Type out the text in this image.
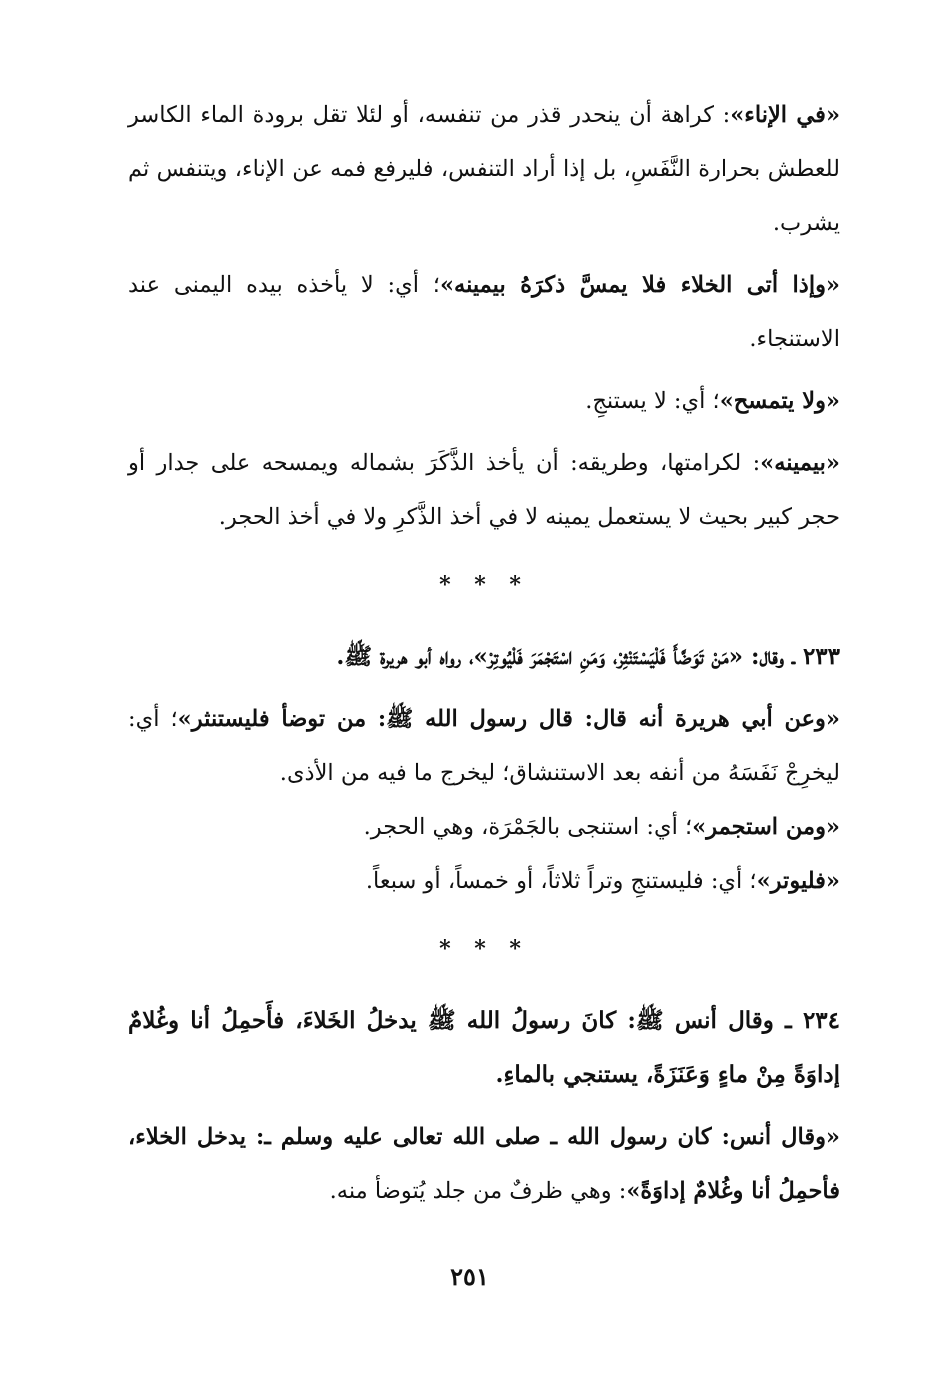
«في الإناء»: كراهة أن ينحدر قذر من تنفسه، أو لئلا تقل برودة الماء الكاسر للعطش بحرارة النَّفَسِ، بل إذا أراد التنفس، فليرفع فمه عن الإناء، ويتنفس ثم يشرب.

«وإذا أتى الخلاء فلا يمسَّ ذكرَهُ بيمينه»؛ أي: لا يأخذه بيده اليمنى عند الاستنجاء.

«ولا يتمسح»؛ أي: لا يستنجِ.

«بيمينه»: لكرامتها، وطريقه: أن يأخذ الذَّكَرَ بشماله ويمسحه على جدار أو حجر كبير بحيث لا يستعمل يمينه لا في أخذ الذَّكرِ ولا في أخذ الحجر.

* * *

٢٣٣ ـ وقال: «مَنْ تَوَضَّأَ فَلْيَسْتَنْثِرْ، وَمَنِ اسْتَجْمَرَ فَلْيُوتِرْ»، رواه أبو هريرة ﷺ.

«وعن أبي هريرة أنه قال: قال رسول الله ﷺ: من توضأ فليستنثر»؛ أي: ليخرِجْ نَفَسَهُ من أنفه بعد الاستنشاق؛ ليخرج ما فيه من الأذى.

«ومن استجمر»؛ أي: استنجى بالجَمْرَة، وهي الحجر.

«فليوتر»؛ أي: فليستنجِ وتراً ثلاثاً، أو خمساً، أو سبعاً.

* * *

٢٣٤ ـ وقال أنس ﷺ: كانَ رسولُ الله ﷺ يدخلُ الخَلاءَ، فأَحمِلُ أنا وغُلامٌ إداوَةً مِنْ ماءٍ وَعَنَزَةً، يستنجي بالماءِ.

«وقال أنس: كان رسول الله ـ صلى الله تعالى عليه وسلم ـ: يدخل الخلاء، فأحمِلُ أنا وغُلامٌ إداوَةً»: وهي ظرفٌ من جلد يُتوضأ منه.

٢٥١
